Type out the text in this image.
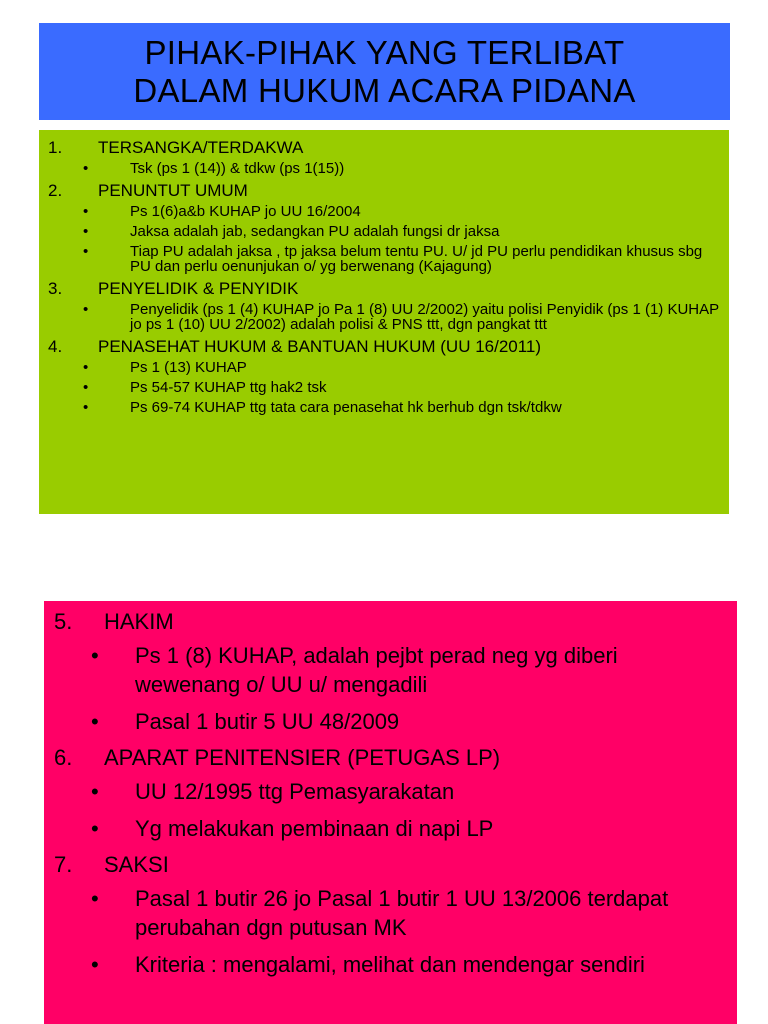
PIHAK-PIHAK YANG TERLIBAT
DALAM HUKUM ACARA PIDANA
1. TERSANGKA/TERDAKWA
•	Tsk (ps 1 (14)) & tdkw (ps 1(15))
2. PENUNTUT UMUM
•	Ps 1(6)a&b KUHAP jo UU 16/2004
•	Jaksa adalah jab, sedangkan PU adalah fungsi dr jaksa
•	Tiap PU adalah jaksa , tp jaksa belum tentu PU. U/ jd PU perlu pendidikan khusus sbg PU dan perlu oenunjukan o/ yg berwenang (Kajagung)
3. PENYELIDIK & PENYIDIK
•	Penyelidik (ps 1 (4) KUHAP jo Pa 1 (8) UU 2/2002) yaitu polisi Penyidik (ps 1 (1) KUHAP jo ps 1 (10) UU 2/2002) adalah polisi & PNS ttt, dgn pangkat ttt
4. PENASEHAT HUKUM & BANTUAN HUKUM (UU 16/2011)
•	Ps 1 (13) KUHAP
•	Ps 54-57 KUHAP ttg hak2 tsk
•	Ps 69-74 KUHAP ttg tata cara penasehat hk berhub dgn tsk/tdkw
5. HAKIM
• Ps 1 (8) KUHAP, adalah pejbt perad neg yg diberi wewenang o/ UU u/ mengadili
• Pasal 1 butir 5 UU 48/2009
6. APARAT PENITENSIER (PETUGAS LP)
• UU 12/1995 ttg Pemasyarakatan
• Yg melakukan pembinaan di napi LP
7. SAKSI
• Pasal 1 butir 26 jo Pasal 1 butir 1 UU 13/2006 terdapat perubahan dgn putusan MK
• Kriteria : mengalami, melihat dan mendengar sendiri
